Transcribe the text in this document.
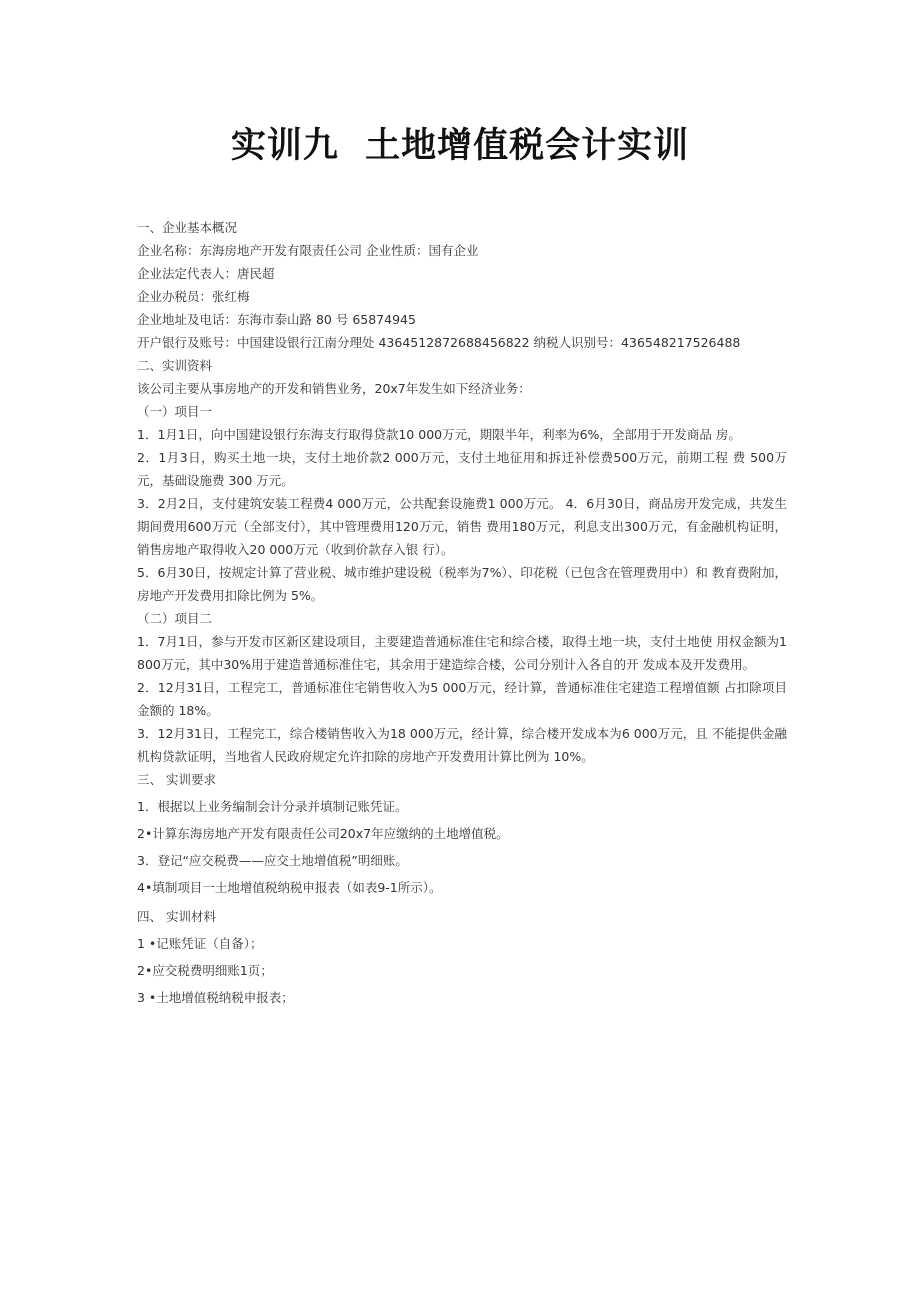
实训九  土地增值税会计实训

一、企业基本概况

企业名称：东海房地产开发有限责任公司 企业性质：国有企业

企业法定代表人：唐民超

企业办税员：张红梅

企业地址及电话：东海市泰山路 80 号 65874945

开户银行及账号：中国建设银行江南分理处 4364512872688456822 纳税人识别号：436548217526488

二、实训资料

该公司主要从事房地产的开发和销售业务，20x7年发生如下经济业务：

（一）项目一

1．1月1日，向中国建设银行东海支行取得贷款10 000万元，期限半年，利率为6%，全部用于开发商品 房。

2．1月3日，购买土地一块，支付土地价款2 000万元，支付土地征用和拆迁补偿费500万元，前期工程 费 500万元，基础设施费 300 万元。

3．2月2日，支付建筑安装工程费4 000万元，公共配套设施费1 000万元。 4．6月30日，商品房开发完成，共发生期间费用600万元（全部支付），其中管理费用120万元，销售 费用180万元，利息支出300万元，有金融机构证明，销售房地产取得收入20 000万元（收到价款存入银 行）。

5．6月30日，按规定计算了营业税、城市维护建设税（税率为7%）、印花税（已包含在管理费用中）和 教育费附加，房地产开发费用扣除比例为 5%。

（二）项目二

1．7月1日，参与开发市区新区建设项目，主要建造普通标准住宅和综合楼，取得土地一块，支付土地使 用权金额为1 800万元，其中30%用于建造普通标准住宅，其余用于建造综合楼，公司分别计入各自的开 发成本及开发费用。

2．12月31日，工程完工，普通标准住宅销售收入为5 000万元，经计算，普通标准住宅建造工程增值额 占扣除项目金额的 18%。

3．12月31日，工程完工，综合楼销售收入为18 000万元，经计算，综合楼开发成本为6 000万元，且 不能提供金融机构贷款证明，当地省人民政府规定允许扣除的房地产开发费用计算比例为 10%。

三、 实训要求

1．根据以上业务编制会计分录并填制记账凭证。

2•计算东海房地产开发有限责任公司20x7年应缴纳的土地增值税。

3．登记“应交税费——应交土地增值税”明细账。

4•填制项目一土地增值税纳税申报表（如表9-1所示）。

四、 实训材料

1 •记账凭证（自备）；

2•应交税费明细账1页；

3 •土地增值税纳税申报表；
